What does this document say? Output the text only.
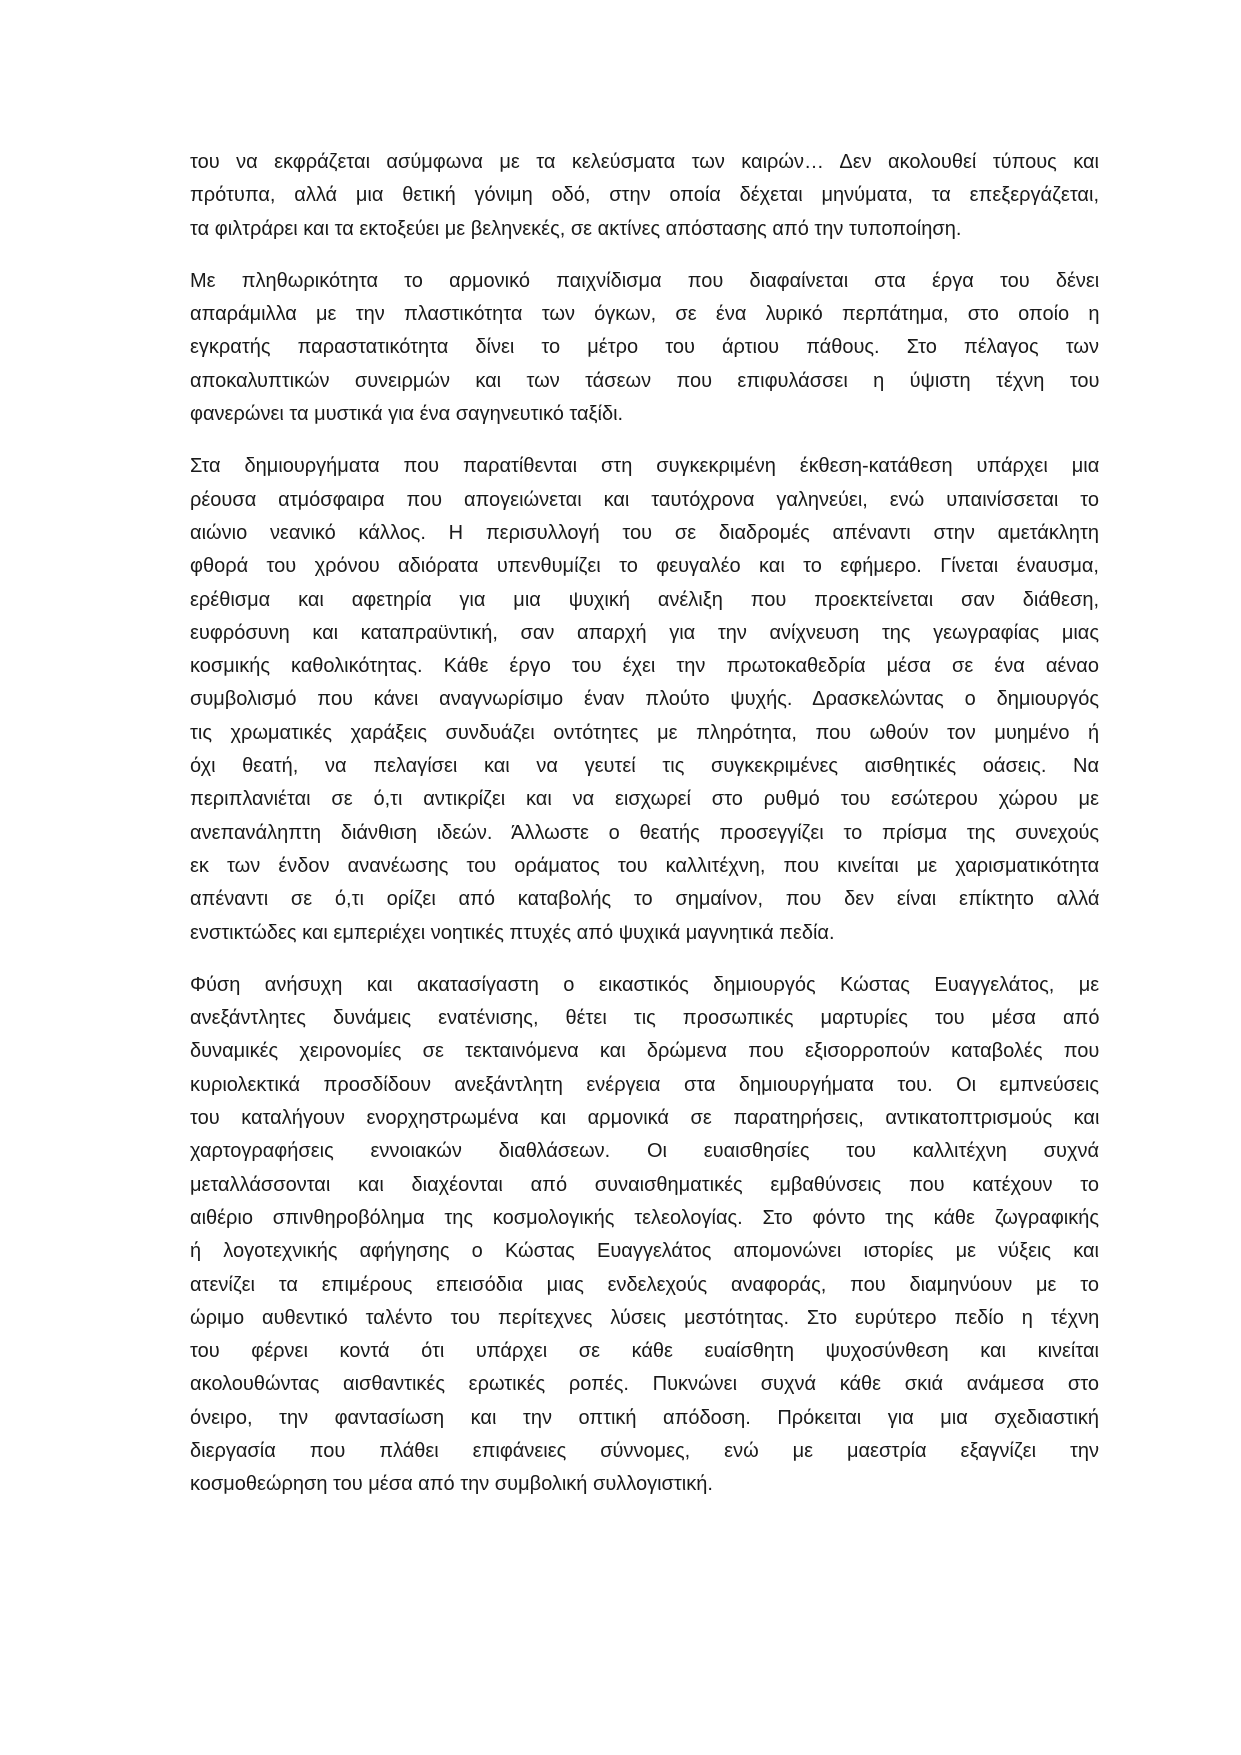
του να εκφράζεται ασύμφωνα με τα κελεύσματα των καιρών… Δεν ακολουθεί τύπους και
πρότυπα, αλλά μια θετική γόνιμη οδό, στην οποία δέχεται μηνύματα, τα επεξεργάζεται,
τα φιλτράρει και τα εκτοξεύει με βεληνεκές, σε ακτίνες απόστασης από την τυποποίηση.
Με πληθωρικότητα το αρμονικό παιχνίδισμα που διαφαίνεται στα έργα του δένει
απαράμιλλα με την πλαστικότητα των όγκων, σε ένα λυρικό περπάτημα, στο οποίο η
εγκρατής παραστατικότητα δίνει το μέτρο του άρτιου πάθους. Στο πέλαγος των
αποκαλυπτικών συνειρμών και των τάσεων που επιφυλάσσει η ύψιστη τέχνη του
φανερώνει τα μυστικά για ένα σαγηνευτικό ταξίδι.
Στα δημιουργήματα που παρατίθενται στη συγκεκριμένη έκθεση-κατάθεση υπάρχει μια
ρέουσα ατμόσφαιρα που απογειώνεται και ταυτόχρονα γαληνεύει, ενώ υπαινίσσεται το
αιώνιο νεανικό κάλλος. Η περισυλλογή του σε διαδρομές απέναντι στην αμετάκλητη
φθορά του χρόνου αδιόρατα υπενθυμίζει το φευγαλέο και το εφήμερο. Γίνεται έναυσμα,
ερέθισμα και αφετηρία για μια ψυχική ανέλιξη που προεκτείνεται σαν διάθεση,
ευφρόσυνη και καταπραϋντική, σαν απαρχή για την ανίχνευση της γεωγραφίας μιας
κοσμικής καθολικότητας. Κάθε έργο του έχει την πρωτοκαθεδρία μέσα σε ένα αέναο
συμβολισμό που κάνει αναγνωρίσιμο έναν πλούτο ψυχής. Δρασκελώντας ο δημιουργός
τις χρωματικές χαράξεις συνδυάζει οντότητες με πληρότητα, που ωθούν τον μυημένο ή
όχι θεατή, να πελαγίσει και να γευτεί τις συγκεκριμένες αισθητικές οάσεις. Να
περιπλανιέται σε ό,τι αντικρίζει και να εισχωρεί στο ρυθμό του εσώτερου χώρου με
ανεπανάληπτη διάνθιση ιδεών. Άλλωστε ο θεατής προσεγγίζει το πρίσμα της συνεχούς
εκ των ένδον ανανέωσης του οράματος του καλλιτέχνη, που κινείται με χαρισματικότητα
απέναντι σε ό,τι ορίζει από καταβολής το σημαίνον, που δεν είναι επίκτητο αλλά
ενστικτώδες και εμπεριέχει νοητικές πτυχές από ψυχικά μαγνητικά πεδία.
Φύση ανήσυχη και ακατασίγαστη ο εικαστικός δημιουργός Κώστας Ευαγγελάτος, με
ανεξάντλητες δυνάμεις ενατένισης, θέτει τις προσωπικές μαρτυρίες του μέσα από
δυναμικές χειρονομίες σε τεκταινόμενα και δρώμενα που εξισορροπούν καταβολές που
κυριολεκτικά προσδίδουν ανεξάντλητη ενέργεια στα δημιουργήματα του. Οι εμπνεύσεις
του καταλήγουν ενορχηστρωμένα και αρμονικά σε παρατηρήσεις, αντικατοπτρισμούς και
χαρτογραφήσεις εννοιακών διαθλάσεων. Οι ευαισθησίες του καλλιτέχνη συχνά
μεταλλάσσονται και διαχέονται από συναισθηματικές εμβαθύνσεις που κατέχουν το
αιθέριο σπινθηροβόλημα της κοσμολογικής τελεολογίας. Στο φόντο της κάθε ζωγραφικής
ή λογοτεχνικής αφήγησης ο Κώστας Ευαγγελάτος απομονώνει ιστορίες με νύξεις και
ατενίζει τα επιμέρους επεισόδια μιας ενδελεχούς αναφοράς, που διαμηνύουν με το
ώριμο αυθεντικό ταλέντο του περίτεχνες λύσεις μεστότητας. Στο ευρύτερο πεδίο η τέχνη
του φέρνει κοντά ότι υπάρχει σε κάθε ευαίσθητη ψυχοσύνθεση και κινείται
ακολουθώντας αισθαντικές ερωτικές ροπές. Πυκνώνει συχνά κάθε σκιά ανάμεσα στο
όνειρο, την φαντασίωση και την οπτική απόδοση. Πρόκειται για μια σχεδιαστική
διεργασία που πλάθει επιφάνειες σύννομες, ενώ με μαεστρία εξαγνίζει την
κοσμοθεώρηση του μέσα από την συμβολική συλλογιστική.
